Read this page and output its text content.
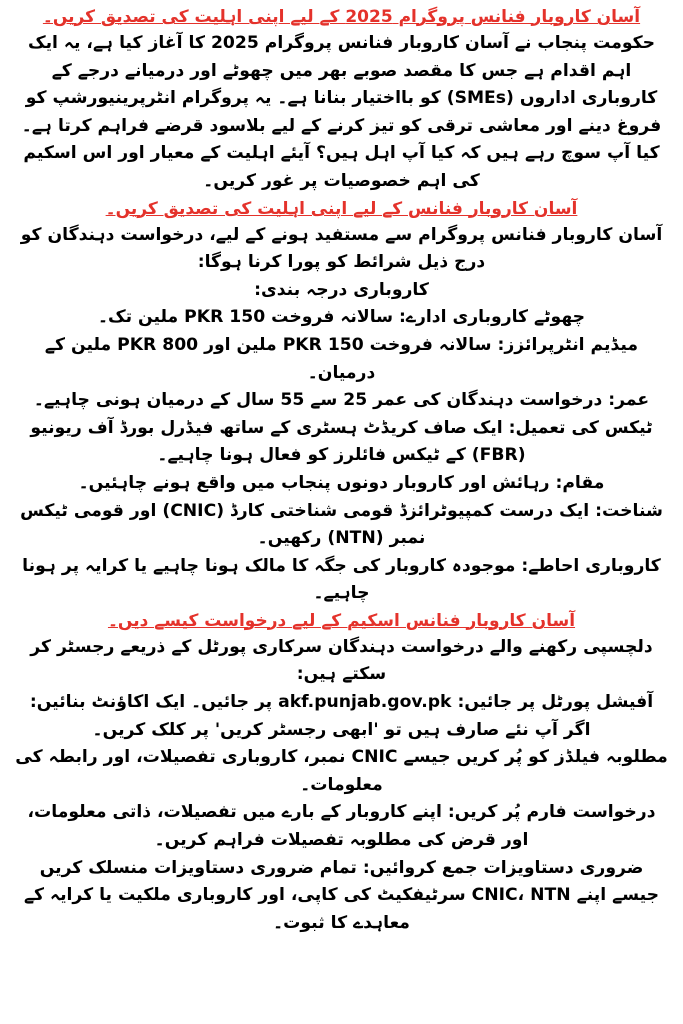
آسان کاروبار فنانس پروگرام 2025 کے لیے اپنی اہلیت کی تصدیق کریں۔

حکومت پنجاب نے آسان کاروبار فنانس پروگرام 2025 کا آغاز کیا ہے، یہ ایک اہم اقدام ہے جس کا مقصد صوبے بھر میں چھوٹے اور درمیانے درجے کے کاروباری اداروں (SMEs) کو بااختیار بنانا ہے۔ یہ پروگرام انٹرپرینیورشپ کو فروغ دینے اور معاشی ترقی کو تیز کرنے کے لیے بلاسود قرضے فراہم کرتا ہے۔ کیا آپ سوچ رہے ہیں کہ کیا آپ اہل ہیں؟ آیئے اہلیت کے معیار اور اس اسکیم کی اہم خصوصیات پر غور کریں۔

آسان کاروبار فنانس کے لیے اپنی اہلیت کی تصدیق کریں۔

آسان کاروبار فنانس پروگرام سے مستفید ہونے کے لیے، درخواست دہندگان کو درج ذیل شرائط کو پورا کرنا ہوگا:

کاروباری درجہ بندی:

چھوٹے کاروباری ادارے: سالانہ فروخت PKR 150 ملین تک۔

میڈیم انٹرپرائزز: سالانہ فروخت PKR 150 ملین اور PKR 800 ملین کے درمیان۔

عمر: درخواست دہندگان کی عمر 25 سے 55 سال کے درمیان ہونی چاہیے۔

ٹیکس کی تعمیل: ایک صاف کریڈٹ ہسٹری کے ساتھ فیڈرل بورڈ آف ریونیو (FBR) کے ٹیکس فائلرز کو فعال ہونا چاہیے۔

مقام: رہائش اور کاروبار دونوں پنجاب میں واقع ہونے چاہئیں۔

شناخت: ایک درست کمپیوٹرائزڈ قومی شناختی کارڈ (CNIC) اور قومی ٹیکس نمبر (NTN) رکھیں۔

کاروباری احاطے: موجودہ کاروبار کی جگہ کا مالک ہونا چاہیے یا کرایہ پر ہونا چاہیے۔

آسان کاروبار فنانس اسکیم کے لیے درخواست کیسے دیں۔

دلچسپی رکھنے والے درخواست دہندگان سرکاری پورٹل کے ذریعے رجسٹر کر سکتے ہیں:

آفیشل پورٹل پر جائیں: akf.punjab.gov.pk پر جائیں۔ ایک اکاؤنٹ بنائیں: اگر آپ نئے صارف ہیں تو 'ابھی رجسٹر کریں' پر کلک کریں۔

مطلوبہ فیلڈز کو پُر کریں جیسے CNIC نمبر، کاروباری تفصیلات، اور رابطہ کی معلومات۔

درخواست فارم پُر کریں: اپنے کاروبار کے بارے میں تفصیلات، ذاتی معلومات، اور قرض کی مطلوبہ تفصیلات فراہم کریں۔

ضروری دستاویزات جمع کروائیں: تمام ضروری دستاویزات منسلک کریں جیسے اپنے CNIC، NTN سرٹیفکیٹ کی کاپی، اور کاروباری ملکیت یا کرایہ کے معاہدے کا ثبوت۔
